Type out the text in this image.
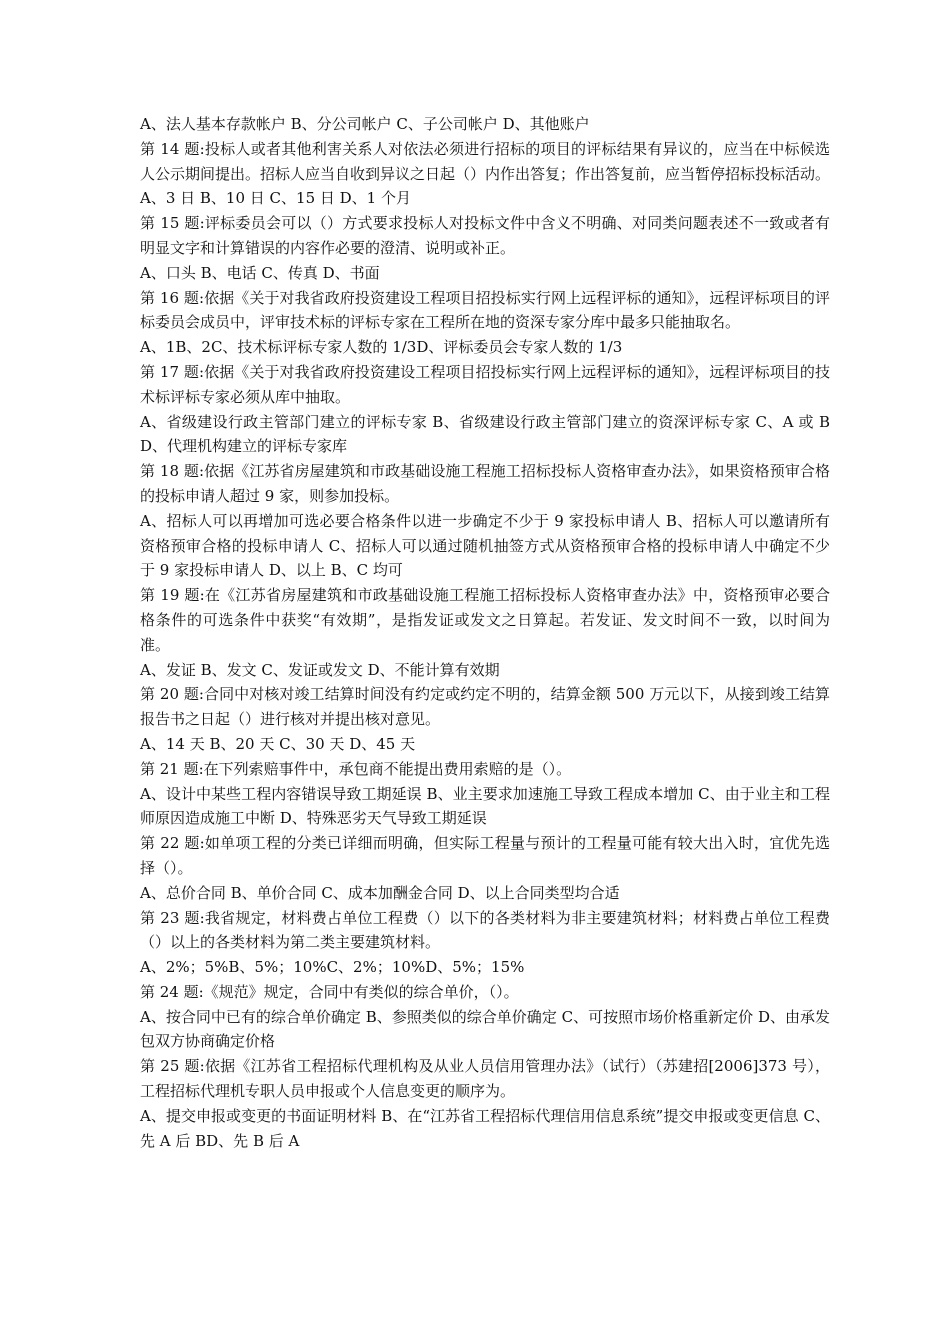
A、法人基本存款帐户 B、分公司帐户 C、子公司帐户 D、其他账户

第 14 题:投标人或者其他利害关系人对依法必须进行招标的项目的评标结果有异议的，应当在中标候选人公示期间提出。招标人应当自收到异议之日起（）内作出答复；作出答复前，应当暂停招标投标活动。

A、3 日 B、10 日 C、15 日 D、1 个月

第 15 题:评标委员会可以（）方式要求投标人对投标文件中含义不明确、对同类问题表述不一致或者有明显文字和计算错误的内容作必要的澄清、说明或补正。

A、口头 B、电话 C、传真 D、书面

第 16 题:依据《关于对我省政府投资建设工程项目招投标实行网上远程评标的通知》，远程评标项目的评标委员会成员中，评审技术标的评标专家在工程所在地的资深专家分库中最多只能抽取名。

A、1B、2C、技术标评标专家人数的 1/3D、评标委员会专家人数的 1/3

第 17 题:依据《关于对我省政府投资建设工程项目招投标实行网上远程评标的通知》，远程评标项目的技术标评标专家必须从库中抽取。

A、省级建设行政主管部门建立的评标专家 B、省级建设行政主管部门建立的资深评标专家 C、A 或 BD、代理机构建立的评标专家库

第 18 题:依据《江苏省房屋建筑和市政基础设施工程施工招标投标人资格审查办法》，如果资格预审合格的投标申请人超过 9 家，则参加投标。

A、招标人可以再增加可选必要合格条件以进一步确定不少于 9 家投标申请人 B、招标人可以邀请所有资格预审合格的投标申请人 C、招标人可以通过随机抽签方式从资格预审合格的投标申请人中确定不少于 9 家投标申请人 D、以上 B、C 均可

第 19 题:在《江苏省房屋建筑和市政基础设施工程施工招标投标人资格审查办法》中，资格预审必要合格条件的可选条件中获奖“有效期”，是指发证或发文之日算起。若发证、发文时间不一致，以时间为准。

A、发证 B、发文 C、发证或发文 D、不能计算有效期

第 20 题:合同中对核对竣工结算时间没有约定或约定不明的，结算金额 500 万元以下，从接到竣工结算报告书之日起（）进行核对并提出核对意见。

A、14 天 B、20 天 C、30 天 D、45 天

第 21 题:在下列索赔事件中，承包商不能提出费用索赔的是（）。

A、设计中某些工程内容错误导致工期延误 B、业主要求加速施工导致工程成本增加 C、由于业主和工程师原因造成施工中断 D、特殊恶劣天气导致工期延误

第 22 题:如单项工程的分类已详细而明确，但实际工程量与预计的工程量可能有较大出入时，宜优先选择（）。

A、总价合同 B、单价合同 C、成本加酬金合同 D、以上合同类型均合适

第 23 题:我省规定，材料费占单位工程费（）以下的各类材料为非主要建筑材料；材料费占单位工程费（）以上的各类材料为第二类主要建筑材料。

A、2%；5%B、5%；10%C、2%；10%D、5%；15%

第 24 题:《规范》规定，合同中有类似的综合单价，（）。

A、按合同中已有的综合单价确定 B、参照类似的综合单价确定 C、可按照市场价格重新定价 D、由承发包双方协商确定价格

第 25 题:依据《江苏省工程招标代理机构及从业人员信用管理办法》（试行）（苏建招[2006]373 号），工程招标代理机专职人员申报或个人信息变更的顺序为。

A、提交申报或变更的书面证明材料 B、在“江苏省工程招标代理信用信息系统”提交申报或变更信息 C、先 A 后 BD、先 B 后 A
